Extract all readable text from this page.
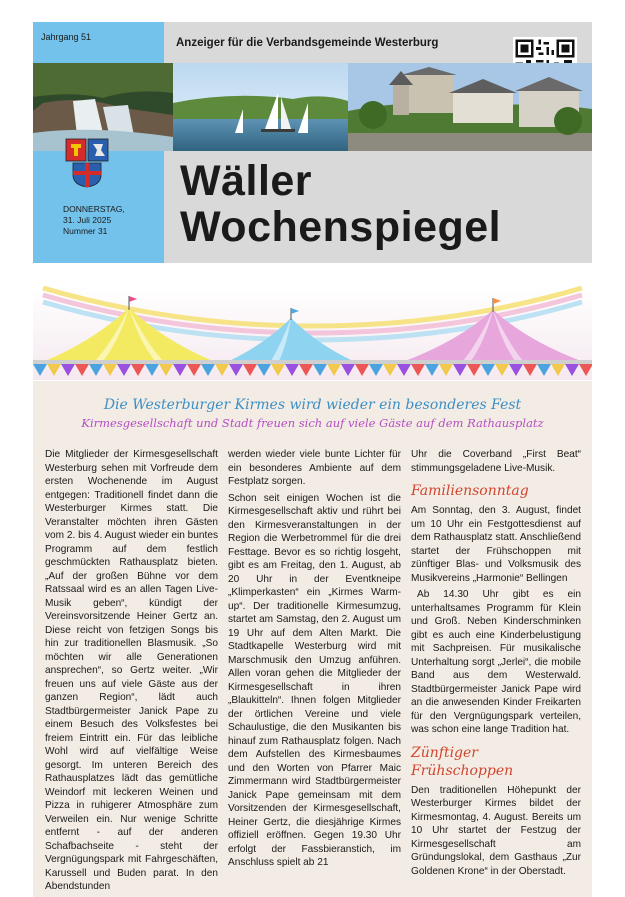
Jahrgang 51	Anzeiger für die Verbandsgemeinde Westerburg
DONNERSTAG,
31. Juli 2025
Nummer 31
Wäller
Wochenspiegel
Die Westerburger Kirmes wird wieder ein besonderes Fest
Kirmesgesellschaft und Stadt freuen sich auf viele Gäste auf dem Rathausplatz

Die Mitglieder der Kirmesgesellschaft Westerburg sehen mit Vorfreude dem ersten Wochenende im August entgegen: Traditionell findet dann die Westerburger Kirmes statt. Die Veranstalter möchten ihren Gästen vom 2. bis 4. August wieder ein buntes Programm auf dem festlich geschmückten Rathausplatz bieten. „Auf der großen Bühne vor dem Ratssaal wird es an allen Tagen Live-Musik geben“, kündigt der Vereinsvorsitzende Heiner Gertz an. Diese reicht von fetzigen Songs bis hin zur traditionellen Blasmusik. „So möchten wir alle Generationen ansprechen“, so Gertz weiter. „Wir freuen uns auf viele Gäste aus der ganzen Region“, lädt auch Stadtbürgermeister Janick Pape zu einem Besuch des Volksfestes bei freiem Eintritt ein. Für das leibliche Wohl wird auf vielfältige Weise gesorgt. Im unteren Bereich des Rathausplatzes lädt das gemütliche Weindorf mit leckeren Weinen und Pizza in ruhigerer Atmosphäre zum Verweilen ein. Nur wenige Schritte entfernt - auf der anderen Schafbachseite - steht der Vergnügungspark mit Fahrgeschäften, Karussell und Buden parat. In den Abendstunden

werden wieder viele bunte Lichter für ein besonderes Ambiente auf dem Festplatz sorgen.

Schon seit einigen Wochen ist die Kirmesgesellschaft aktiv und rührt bei den Kirmesveranstaltungen in der Region die Werbetrommel für die drei Festtage. Bevor es so richtig losgeht, gibt es am Freitag, den 1. August, ab 20 Uhr in der Eventkneipe „Klimperkasten“ ein „Kirmes Warm-up“. Der traditionelle Kirmesumzug, startet am Samstag, den 2. August um 19 Uhr auf dem Alten Markt. Die Stadtkapelle Westerburg wird mit Marschmusik den Umzug anführen. Allen voran gehen die Mitglieder der Kirmesgesellschaft in ihren „Blaukitteln“. Ihnen folgen Mitglieder der örtlichen Vereine und viele Schaulustige, die den Musikanten bis hinauf zum Rathausplatz folgen. Nach dem Aufstellen des Kirmesbaumes und den Worten von Pfarrer Maic Zimmermann wird Stadtbürgermeister Janick Pape gemeinsam mit dem Vorsitzenden der Kirmesgesellschaft, Heiner Gertz, die diesjährige Kirmes offiziell eröffnen. Gegen 19.30 Uhr erfolgt der Fassbieranstich, im Anschluss spielt ab 21

Uhr die Coverband „First Beat“ stimmungsgeladene Live-Musik.

Familiensonntag

Am Sonntag, den 3. August, findet um 10 Uhr ein Festgottesdienst auf dem Rathausplatz statt. Anschließend startet der Frühschoppen mit zünftiger Blas- und Volksmusik des Musikvereins „Harmonie“ Bellingen

Ab 14.30 Uhr gibt es ein unterhaltsames Programm für Klein und Groß. Neben Kinderschminken gibt es auch eine Kinderbelustigung mit Sachpreisen. Für musikalische Unterhaltung sorgt „Jerlei“, die mobile Band aus dem Westerwald. Stadtbürgermeister Janick Pape wird an die anwesenden Kinder Freikarten für den Vergnügungspark verteilen, was schon eine lange Tradition hat.

Zünftiger Frühschoppen

Den traditionellen Höhepunkt der Westerburger Kirmes bildet der Kirmesmontag, 4. August. Bereits um 10 Uhr startet der Festzug der Kirmesgesellschaft am Gründungslokal, dem Gasthaus „Zur Goldenen Krone“ in der Oberstadt.
